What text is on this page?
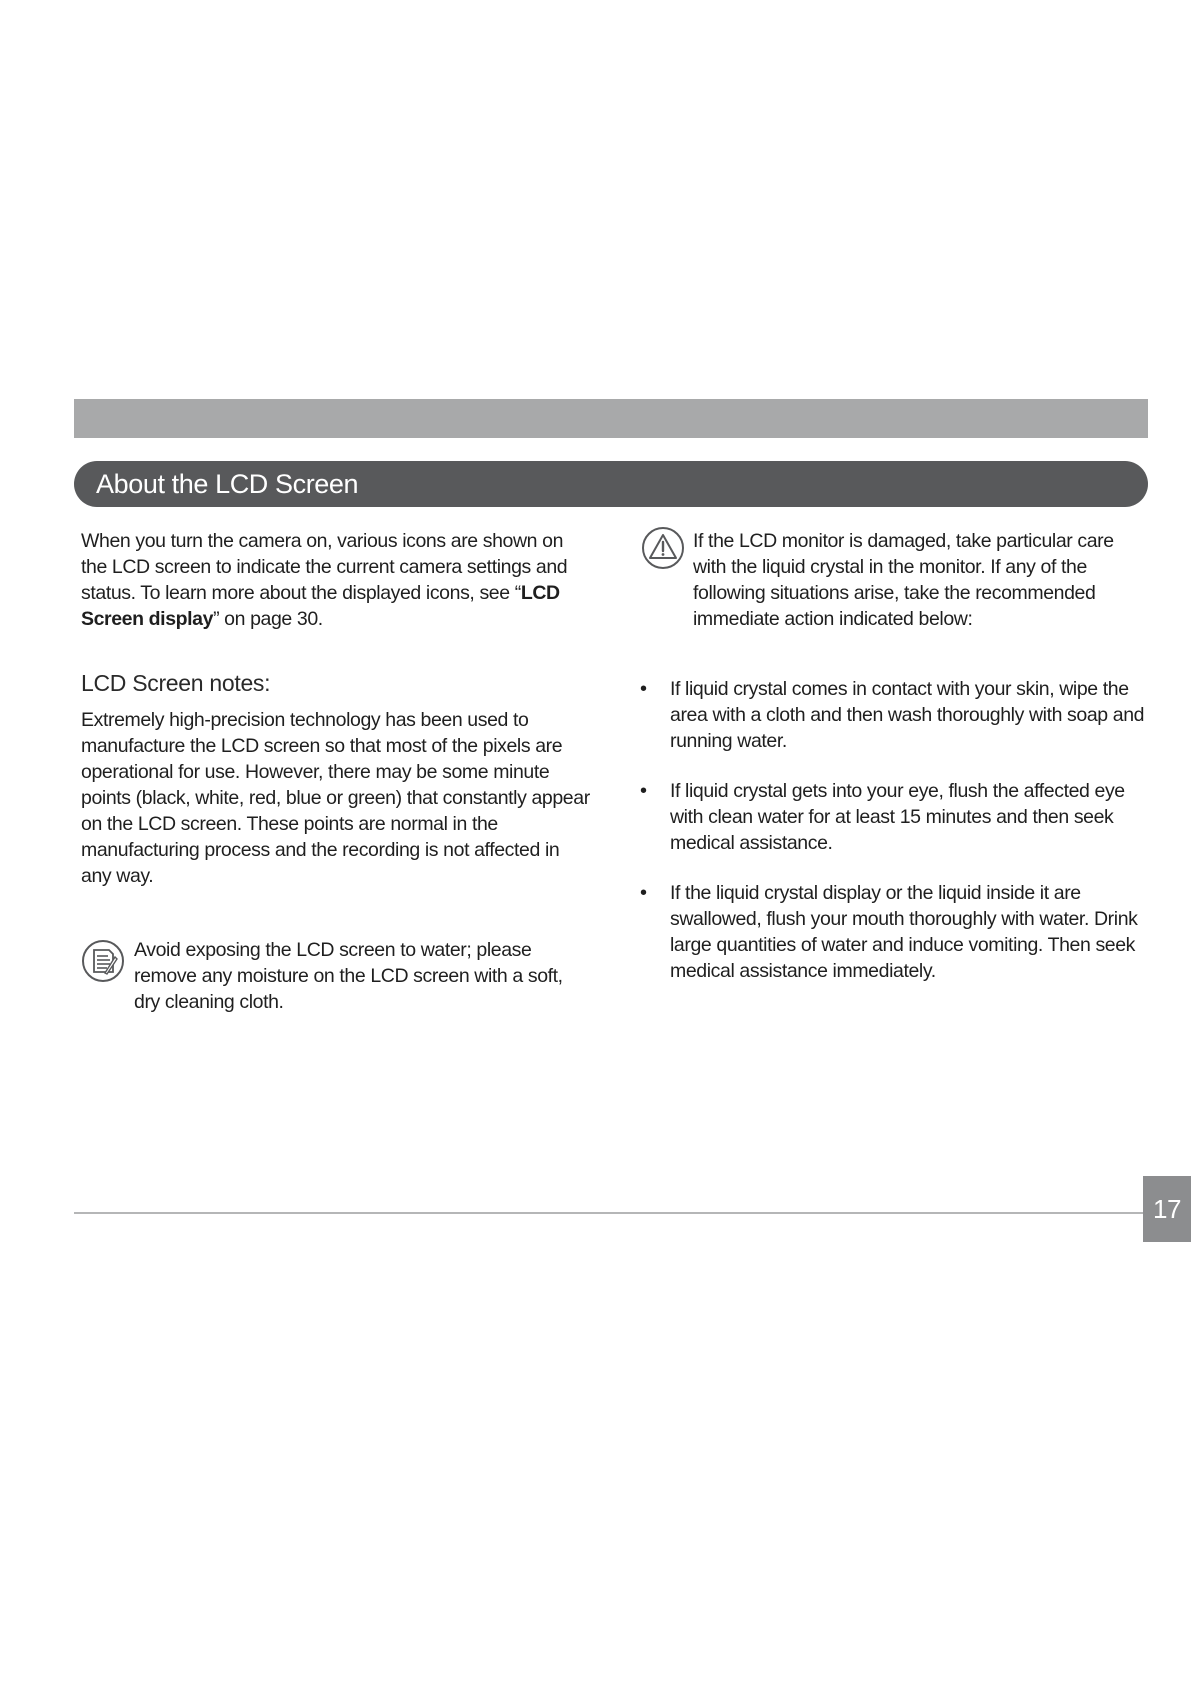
About the LCD Screen

When you turn the camera on, various icons are shown on the LCD screen to indicate the current camera settings and status. To learn more about the displayed icons, see “LCD Screen display” on page 30.

LCD Screen notes:

Extremely high-precision technology has been used to manufacture the LCD screen so that most of the pixels are operational for use. However, there may be some minute points (black, white, red, blue or green) that constantly appear on the LCD screen. These points are normal in the manufacturing process and the recording is not affected in any way.

Avoid exposing the LCD screen to water; please remove any moisture on the LCD screen with a soft, dry cleaning cloth.

If the LCD monitor is damaged, take particular care with the liquid crystal in the monitor. If any of the following situations arise, take the recommended immediate action indicated below:

• If liquid crystal comes in contact with your skin, wipe the area with a cloth and then wash thoroughly with soap and running water.

• If liquid crystal gets into your eye, flush the affected eye with clean water for at least 15 minutes and then seek medical assistance.

• If the liquid crystal display or the liquid inside it are swallowed, flush your mouth thoroughly with water. Drink large quantities of water and induce vomiting. Then seek medical assistance immediately.

17
